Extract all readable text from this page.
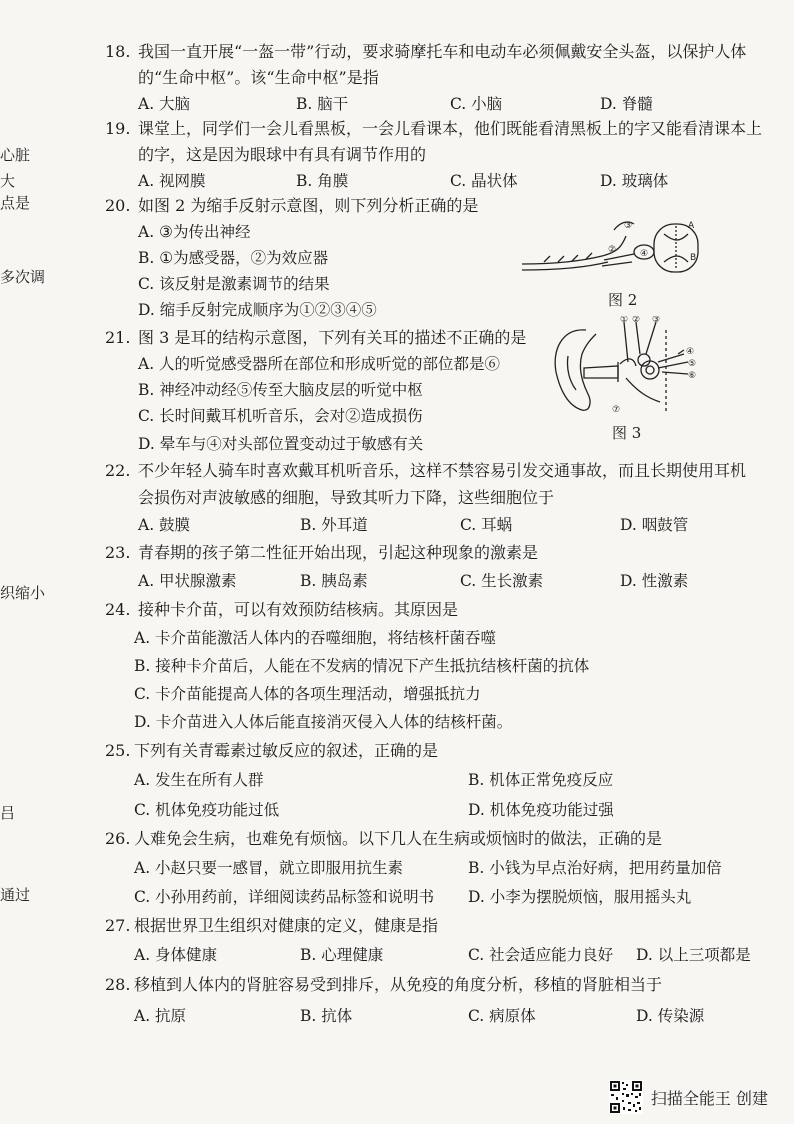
心脏
大
点是
多次调
织缩小
吕
通过
18. 我国一直开展“一盔一带”行动，要求骑摩托车和电动车必须佩戴安全头盔，以保护人体
的“生命中枢”。该“生命中枢”是指
A. 大脑	B. 脑干	C. 小脑	D. 脊髓
19. 课堂上，同学们一会儿看黑板，一会儿看课本，他们既能看清黑板上的字又能看清课本上
的字，这是因为眼球中有具有调节作用的
A. 视网膜	B. 角膜	C. 晶状体	D. 玻璃体
20. 如图 2 为缩手反射示意图，则下列分析正确的是
A. ③为传出神经
B. ①为感受器，②为效应器
C. 该反射是激素调节的结果
D. 缩手反射完成顺序为①②③④⑤
③
④
②
A
B
图 2
21. 图 3 是耳的结构示意图，下列有关耳的描述不正确的是
A. 人的听觉感受器所在部位和形成听觉的部位都是⑥
B. 神经冲动经⑤传至大脑皮层的听觉中枢
C. 长时间戴耳机听音乐，会对②造成损伤
D. 晕车与④对头部位置变动过于敏感有关
① ② ③
④
⑤
⑥
⑦
图 3
22. 不少年轻人骑车时喜欢戴耳机听音乐，这样不禁容易引发交通事故，而且长期使用耳机
会损伤对声波敏感的细胞，导致其听力下降，这些细胞位于
A. 鼓膜	B. 外耳道	C. 耳蜗	D. 咽鼓管
23. 青春期的孩子第二性征开始出现，引起这种现象的激素是
A. 甲状腺激素	B. 胰岛素	C. 生长激素	D. 性激素
24. 接种卡介苗，可以有效预防结核病。其原因是
A. 卡介苗能激活人体内的吞噬细胞，将结核杆菌吞噬
B. 接种卡介苗后，人能在不发病的情况下产生抵抗结核杆菌的抗体
C. 卡介苗能提高人体的各项生理活动，增强抵抗力
D. 卡介苗进入人体后能直接消灭侵入人体的结核杆菌。
25. 下列有关青霉素过敏反应的叙述，正确的是
A. 发生在所有人群	B. 机体正常免疫反应
C. 机体免疫功能过低	D. 机体免疫功能过强
26. 人难免会生病，也难免有烦恼。以下几人在生病或烦恼时的做法，正确的是
A. 小赵只要一感冒，就立即服用抗生素	B. 小钱为早点治好病，把用药量加倍
C. 小孙用药前，详细阅读药品标签和说明书 D. 小李为摆脱烦恼，服用摇头丸
27. 根据世界卫生组织对健康的定义，健康是指
A. 身体健康	B. 心理健康	C. 社会适应能力良好 D. 以上三项都是
28. 移植到人体内的肾脏容易受到排斥，从免疫的角度分析，移植的肾脏相当于
A. 抗原	B. 抗体	C. 病原体	D. 传染源
扫描全能王 创建
